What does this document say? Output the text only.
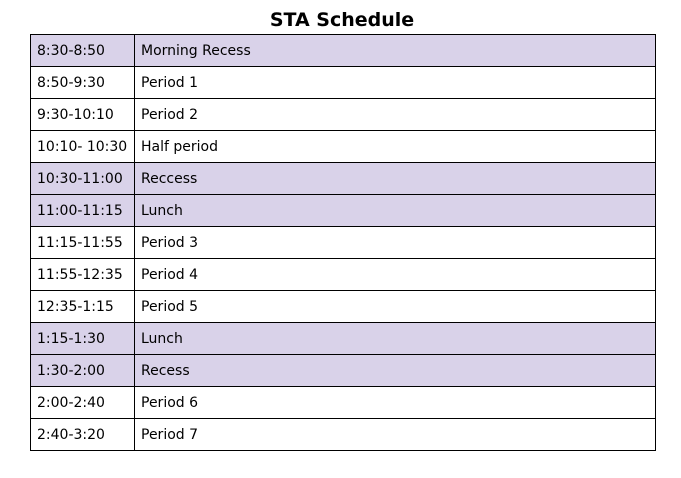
STA Schedule
8:30-8:50	Morning Recess
8:50-9:30	Period 1
9:30-10:10	Period 2
10:10- 10:30	Half period
10:30-11:00	Reccess
11:00-11:15	Lunch
11:15-11:55	Period 3
11:55-12:35	Period 4
12:35-1:15	Period 5
1:15-1:30	Lunch
1:30-2:00	Recess
2:00-2:40	Period 6
2:40-3:20	Period 7
